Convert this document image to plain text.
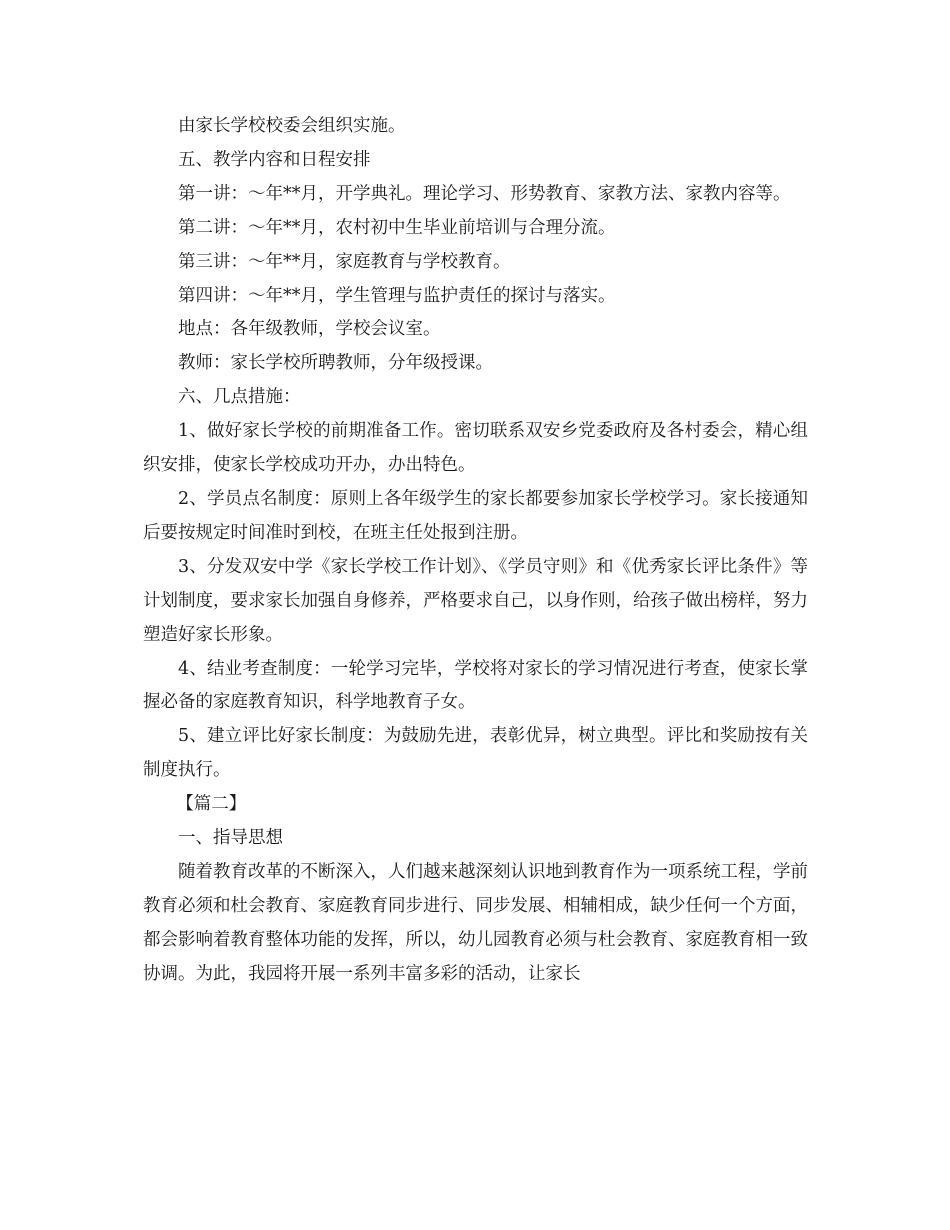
由家长学校校委会组织实施。

五、教学内容和日程安排

第一讲：～年**月，开学典礼。理论学习、形势教育、家教方法、家教内容等。

第二讲：～年**月，农村初中生毕业前培训与合理分流。

第三讲：～年**月，家庭教育与学校教育。

第四讲：～年**月，学生管理与监护责任的探讨与落实。

地点：各年级教师，学校会议室。

教师：家长学校所聘教师，分年级授课。

六、几点措施：

1、做好家长学校的前期准备工作。密切联系双安乡党委政府及各村委会，精心组织安排，使家长学校成功开办，办出特色。

2、学员点名制度：原则上各年级学生的家长都要参加家长学校学习。家长接通知后要按规定时间准时到校，在班主任处报到注册。

3、分发双安中学《家长学校工作计划》、《学员守则》和《优秀家长评比条件》等计划制度，要求家长加强自身修养，严格要求自己，以身作则，给孩子做出榜样，努力塑造好家长形象。

4、结业考查制度：一轮学习完毕，学校将对家长的学习情况进行考查，使家长掌握必备的家庭教育知识，科学地教育子女。

5、建立评比好家长制度：为鼓励先进，表彰优异，树立典型。评比和奖励按有关制度执行。

【篇二】

一、指导思想

随着教育改革的不断深入，人们越来越深刻认识地到教育作为一项系统工程，学前教育必须和杜会教育、家庭教育同步进行、同步发展、相辅相成，缺少任何一个方面，都会影响着教育整体功能的发挥，所以，幼儿园教育必须与杜会教育、家庭教育相一致协调。为此，我园将开展一系列丰富多彩的活动，让家长
